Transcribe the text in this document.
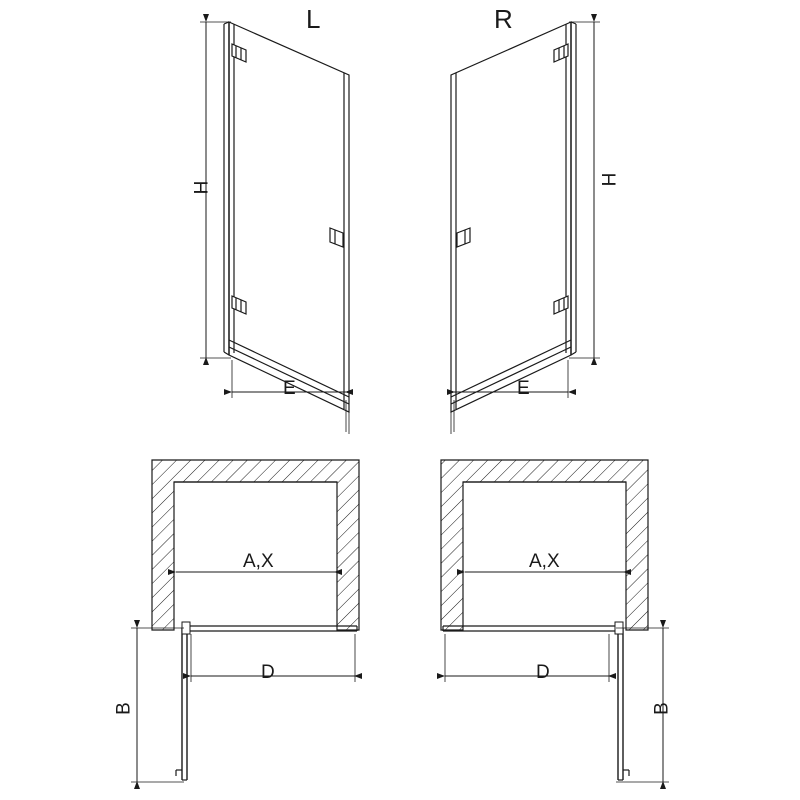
L	R
H
H
E	E
A,X	A,X
D	D
B	B
